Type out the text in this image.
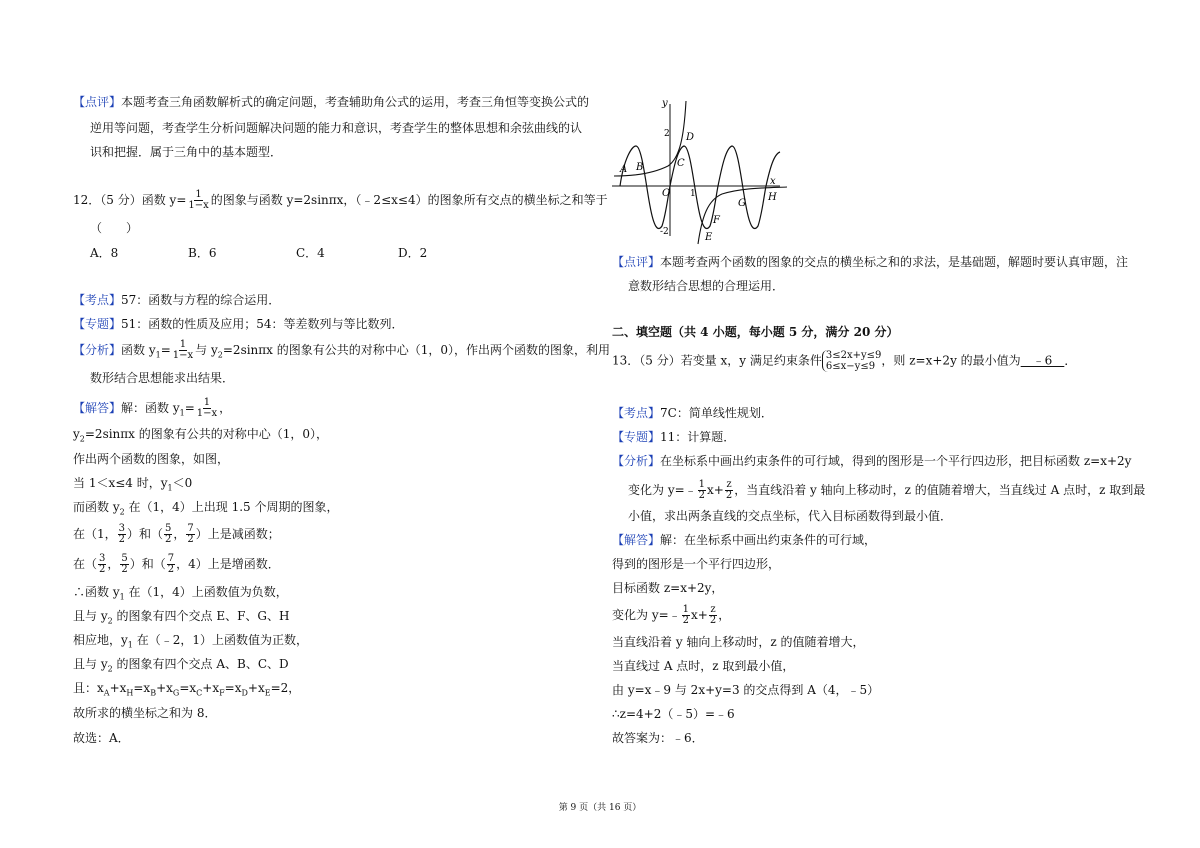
【点评】本题考查三角函数解析式的确定问题，考查辅助角公式的运用，考查三角恒等变换公式的
逆用等问题，考查学生分析问题解决问题的能力和意识，考查学生的整体思想和余弦曲线的认
识和把握．属于三角中的基本题型．
12．（5 分）函数 $y= \frac{1}{1-x}$ 的图象与函数 y=2sinπx，（﹣2≤x≤4）的图象所有交点的横坐标之和等于
（　　）
A．8	B．6	C．4	D．2
【考点】57：函数与方程的综合运用．
【专题】51：函数的性质及应用；54：等差数列与等比数列．
【分析】函数 $y_1= \frac{1}{1-x}$ 与 $y_2=2\sin\pi x$ 的图象有公共的对称中心（1，0），作出两个函数的图象，利用
数形结合思想能求出结果．
【解答】解：函数 $y_1= \frac{1}{1-x}$ ，
$y_2=2\sin\pi x$ 的图象有公共的对称中心（1，0），
作出两个函数的图象，如图，
当 1＜x≤4 时，$y_1<0$
而函数 $y_2$ 在（1，4）上出现 1.5 个周期的图象，
在（1， $\frac{3}{2}$ ）和（ $\frac{5}{2}$ ， $\frac{7}{2}$ ）上是减函数；
在（ $\frac{3}{2}$ ， $\frac{5}{2}$ ）和（ $\frac{7}{2}$ ，4）上是增函数．
∴函数 $y_1$ 在（1，4）上函数值为负数，
且与 $y_2$ 的图象有四个交点 E、F、G、H
相应地，$y_1$ 在（﹣2，1）上函数值为正数，
且与 $y_2$ 的图象有四个交点 A、B、C、D
且：$x_A+x_H=x_B+x_G=x_C+x_F=x_D+x_E=2$，
故所求的横坐标之和为 8．
故选：A．
y
x
O
2
-2
1
A B	C
D
E
F
G
H
【点评】本题考查两个函数的图象的交点的横坐标之和的求法，是基础题，解题时要认真审题，注
意数形结合思想的合理运用．
二、填空题（共 4 小题，每小题 5 分，满分 20 分）
13．（5 分）若变量 x，y 满足约束条件 3≤2x+y≤9
6≤x−y≤9 ，则 z=x+2y 的最小值为　﹣6　．
【考点】7C：简单线性规划．
【专题】11：计算题．
【分析】在坐标系中画出约束条件的可行域，得到的图形是一个平行四边形，把目标函数 z=x+2y
变化为 y=﹣ $\frac{1}{2} x+ \frac{z}{2}$ ，当直线沿着 y 轴向上移动时，z 的值随着增大，当直线过 A 点时，z 取到最
小值，求出两条直线的交点坐标，代入目标函数得到最小值．
【解答】解：在坐标系中画出约束条件的可行域，
得到的图形是一个平行四边形，
目标函数 z=x+2y，
变化为 y=﹣ $\frac{1}{2} x+ \frac{z}{2}$ ，
当直线沿着 y 轴向上移动时，z 的值随着增大，
当直线过 A 点时，z 取到最小值，
由 y=x﹣9 与 2x+y=3 的交点得到 A（4，﹣5）
∴z=4+2（﹣5）=﹣6
故答案为：﹣6．
第 9 页（共 16 页）
